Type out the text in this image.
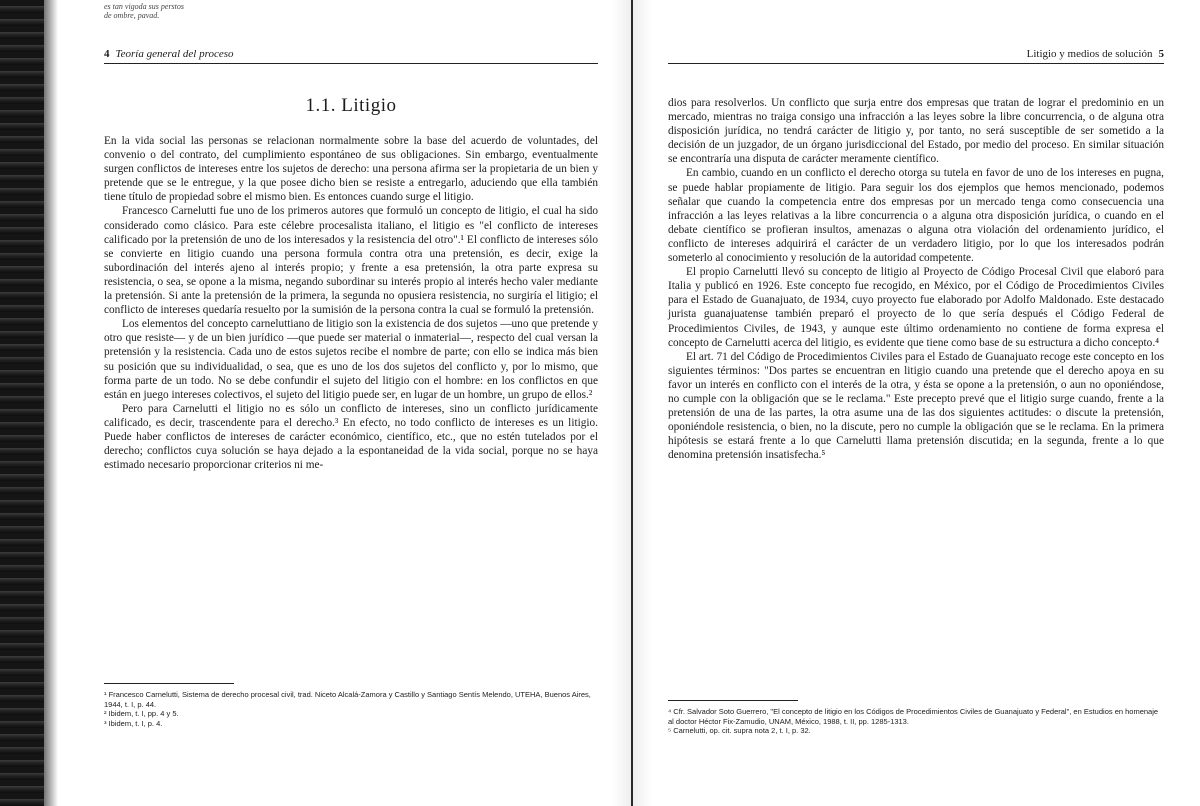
es tan vigoda sus perstos
de ombre, pavad.
4 Teoría general del proceso
1.1. Litigio

En la vida social las personas se relacionan normalmente sobre la base del acuerdo de voluntades, del convenio o del contrato, del cumplimiento espontáneo de sus obligaciones. Sin embargo, eventualmente surgen conflictos de intereses entre los sujetos de derecho: una persona afirma ser la propietaria de un bien y pretende que se le entregue, y la que posee dicho bien se resiste a entregarlo, aduciendo que ella también tiene título de propiedad sobre el mismo bien. Es entonces cuando surge el litigio.

Francesco Carnelutti fue uno de los primeros autores que formuló un concepto de litigio, el cual ha sido considerado como clásico. Para este célebre procesalista italiano, el litigio es "el conflicto de intereses calificado por la pretensión de uno de los interesados y la resistencia del otro".¹ El conflicto de intereses sólo se convierte en litigio cuando una persona formula contra otra una pretensión, es decir, exige la subordinación del interés ajeno al interés propio; y frente a esa pretensión, la otra parte expresa su resistencia, o sea, se opone a la misma, negando subordinar su interés propio al interés hecho valer mediante la pretensión. Si ante la pretensión de la primera, la segunda no opusiera resistencia, no surgiría el litigio; el conflicto de intereses quedaría resuelto por la sumisión de la persona contra la cual se formuló la pretensión.

Los elementos del concepto carneluttiano de litigio son la existencia de dos sujetos —uno que pretende y otro que resiste— y de un bien jurídico —que puede ser material o inmaterial—, respecto del cual versan la pretensión y la resistencia. Cada uno de estos sujetos recibe el nombre de parte; con ello se indica más bien su posición que su individualidad, o sea, que es uno de los dos sujetos del conflicto y, por lo mismo, que forma parte de un todo. No se debe confundir el sujeto del litigio con el hombre: en los conflictos en que están en juego intereses colectivos, el sujeto del litigio puede ser, en lugar de un hombre, un grupo de ellos.²

Pero para Carnelutti el litigio no es sólo un conflicto de intereses, sino un conflicto jurídicamente calificado, es decir, trascendente para el derecho.³ En efecto, no todo conflicto de intereses es un litigio. Puede haber conflictos de intereses de carácter económico, científico, etc., que no estén tutelados por el derecho; conflictos cuya solución se haya dejado a la espontaneidad de la vida social, porque no se haya estimado necesario proporcionar criterios ni me-

¹ Francesco Carnelutti, Sistema de derecho procesal civil, trad. Niceto Alcalá-Zamora y Castillo y Santiago Sentís Melendo, UTEHA, Buenos Aires, 1944, t. I, p. 44.
² Ibidem, t. I, pp. 4 y 5.
³ Ibidem, t. I, p. 4.
Litigio y medios de solución 5

dios para resolverlos. Un conflicto que surja entre dos empresas que tratan de lograr el predominio en un mercado, mientras no traiga consigo una infracción a las leyes sobre la libre concurrencia, o de alguna otra disposición jurídica, no tendrá carácter de litigio y, por tanto, no será susceptible de ser sometido a la decisión de un juzgador, de un órgano jurisdiccional del Estado, por medio del proceso. En similar situación se encontraría una disputa de carácter meramente científico.

En cambio, cuando en un conflicto el derecho otorga su tutela en favor de uno de los intereses en pugna, se puede hablar propiamente de litigio. Para seguir los dos ejemplos que hemos mencionado, podemos señalar que cuando la competencia entre dos empresas por un mercado tenga como consecuencia una infracción a las leyes relativas a la libre concurrencia o a alguna otra disposición jurídica, o cuando en el debate científico se profieran insultos, amenazas o alguna otra violación del ordenamiento jurídico, el conflicto de intereses adquirirá el carácter de un verdadero litigio, por lo que los interesados podrán someterlo al conocimiento y resolución de la autoridad competente.

El propio Carnelutti llevó su concepto de litigio al Proyecto de Código Procesal Civil que elaboró para Italia y publicó en 1926. Este concepto fue recogido, en México, por el Código de Procedimientos Civiles para el Estado de Guanajuato, de 1934, cuyo proyecto fue elaborado por Adolfo Maldonado. Este destacado jurista guanajuatense también preparó el proyecto de lo que sería después el Código Federal de Procedimientos Civiles, de 1943, y aunque este último ordenamiento no contiene de forma expresa el concepto de Carnelutti acerca del litigio, es evidente que tiene como base de su estructura a dicho concepto.⁴

El art. 71 del Código de Procedimientos Civiles para el Estado de Guanajuato recoge este concepto en los siguientes términos: "Dos partes se encuentran en litigio cuando una pretende que el derecho apoya en su favor un interés en conflicto con el interés de la otra, y ésta se opone a la pretensión, o aun no oponiéndose, no cumple con la obligación que se le reclama." Este precepto prevé que el litigio surge cuando, frente a la pretensión de una de las partes, la otra asume una de las dos siguientes actitudes: o discute la pretensión, oponiéndole resistencia, o bien, no la discute, pero no cumple la obligación que se le reclama. En la primera hipótesis se estará frente a lo que Carnelutti llama pretensión discutida; en la segunda, frente a lo que denomina pretensión insatisfecha.⁵

⁴ Cfr. Salvador Soto Guerrero, "El concepto de litigio en los Códigos de Procedimientos Civiles de Guanajuato y Federal", en Estudios en homenaje al doctor Héctor Fix-Zamudio, UNAM, México, 1988, t. II, pp. 1285-1313.
⁵ Carnelutti, op. cit. supra nota 2, t. I, p. 32.
